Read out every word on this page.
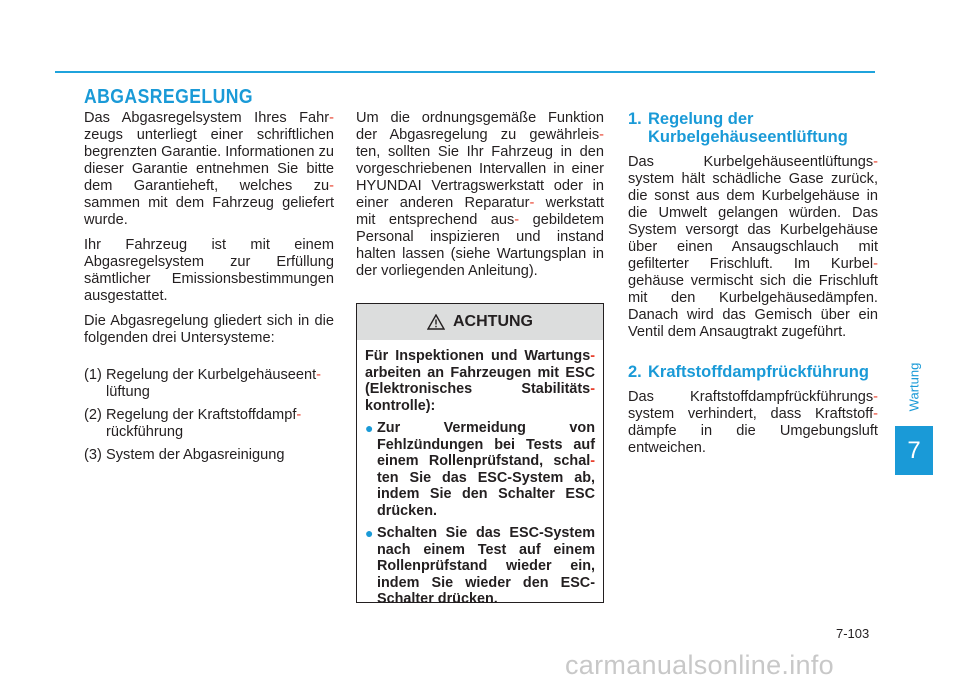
ABGASREGELUNG

Das Abgasregelsystem Ihres Fahr- zeugs unterliegt einer schriftlichen begrenzten Garantie. Informationen zu dieser Garantie entnehmen Sie bitte dem Garantieheft, welches zu- sammen mit dem Fahrzeug geliefert wurde.

Ihr Fahrzeug ist mit einem Abgasregelsystem zur Erfüllung sämtlicher Emissionsbestimmungen ausgestattet.

Die Abgasregelung gliedert sich in die folgenden drei Untersysteme:

(1) Regelung der Kurbelgehäuseent-
lüftung
(2) Regelung der Kraftstoffdampf-
rückführung
(3) System der Abgasreinigung

Um die ordnungsgemäße Funktion der Abgasregelung zu gewährleis- ten, sollten Sie Ihr Fahrzeug in den vorgeschriebenen Intervallen in einer HYUNDAI Vertragswerkstatt oder in einer anderen Reparatur- werkstatt mit entsprechend aus- gebildetem Personal inspizieren und instand halten lassen (siehe Wartungsplan in der vorliegenden Anleitung).

ACHTUNG

Für Inspektionen und Wartungs- arbeiten an Fahrzeugen mit ESC (Elektronisches Stabilitäts- kontrolle):

● Zur Vermeidung von Fehlzündungen bei Tests auf einem Rollenprüfstand, schal- ten Sie das ESC-System ab, indem Sie den Schalter ESC drücken.
● Schalten Sie das ESC-System nach einem Test auf einem Rollenprüfstand wieder ein, indem Sie wieder den ESC-Schalter drücken.
1. Regelung der
Kurbelgehäuseentlüftung

Das Kurbelgehäuseentlüftungs- system hält schädliche Gase zurück, die sonst aus dem Kurbelgehäuse in die Umwelt gelangen würden. Das System versorgt das Kurbelgehäuse über einen Ansaugschlauch mit gefilterter Frischluft. Im Kurbel- gehäuse vermischt sich die Frischluft mit den Kurbelgehäusedämpfen. Danach wird das Gemisch über ein Ventil dem Ansaugtrakt zugeführt.

2. Kraftstoffdampfrückführung

Das Kraftstoffdampfrückführungs- system verhindert, dass Kraftstoff- dämpfe in die Umgebungsluft entweichen.

Wartung
7
7-103
carmanualsonline.info
